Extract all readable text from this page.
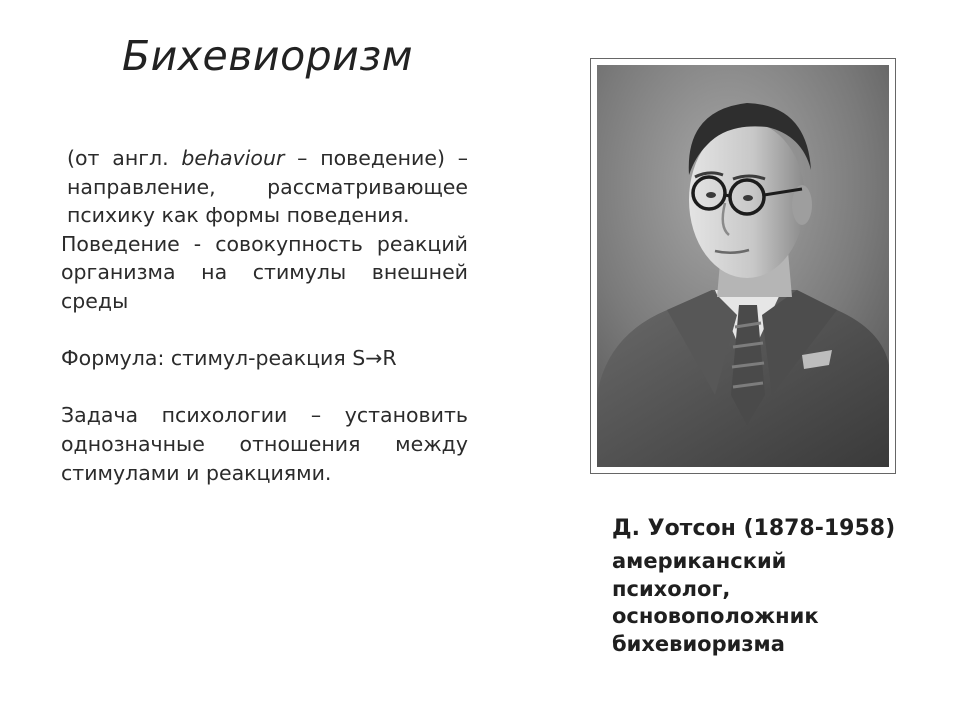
Бихевиоризм

(от англ. behaviour – поведение) – направление, рассматривающее психику как формы поведения.

Поведение - совокупность реакций организма на стимулы внешней среды

Формула: стимул-реакция S→R

Задача психологии – установить однозначные отношения между стимулами и реакциями.

Д. Уотсон (1878-1958)

американский
психолог,
основоположник
бихевиоризма
